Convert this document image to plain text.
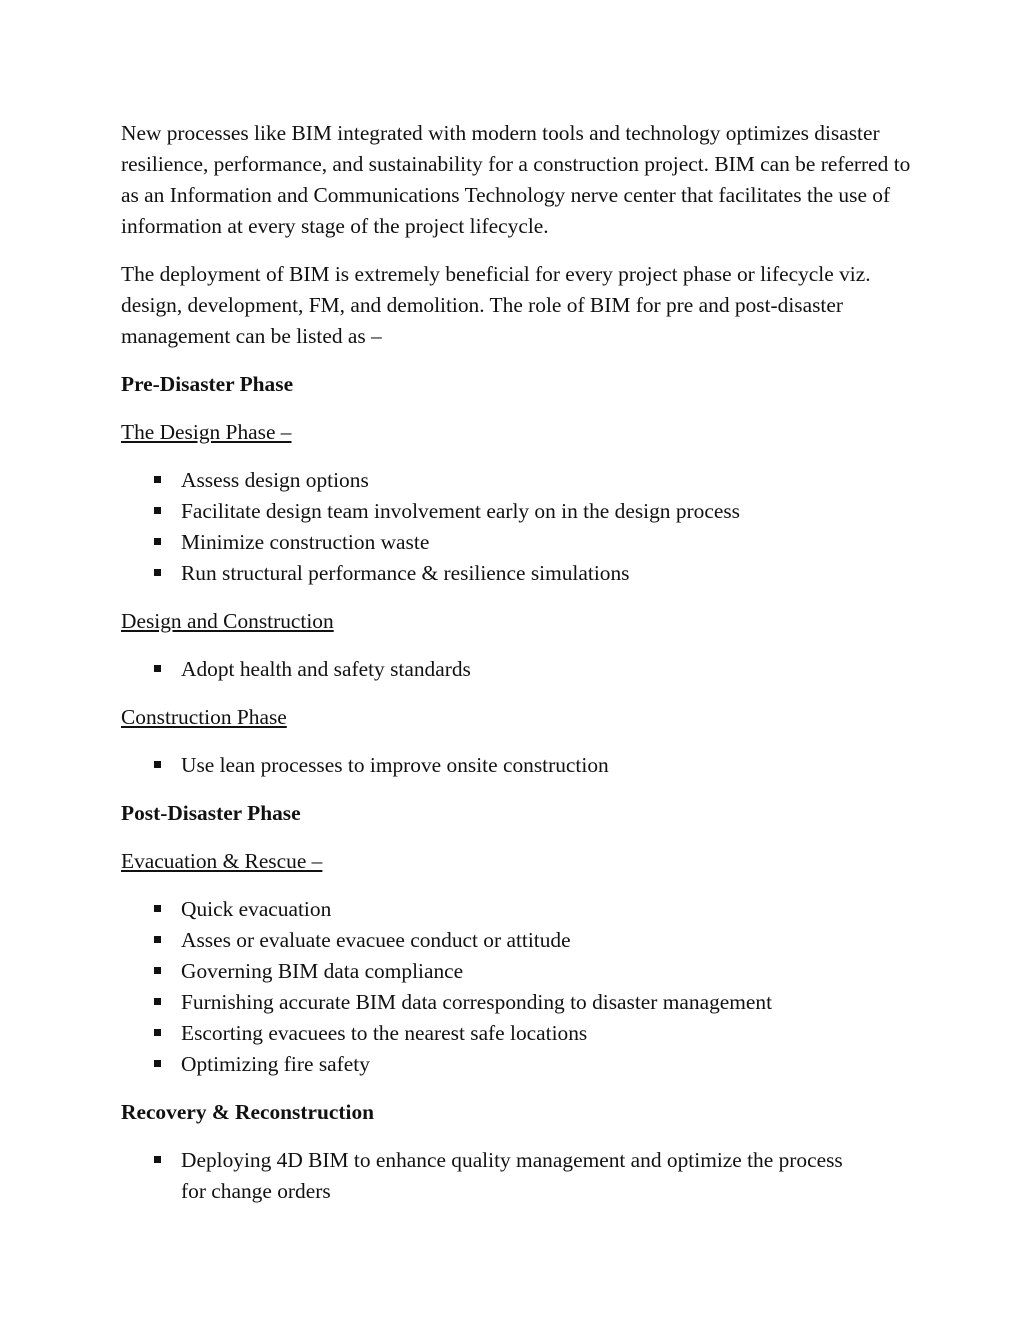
New processes like BIM integrated with modern tools and technology optimizes disaster resilience, performance, and sustainability for a construction project. BIM can be referred to as an Information and Communications Technology nerve center that facilitates the use of information at every stage of the project lifecycle.

The deployment of BIM is extremely beneficial for every project phase or lifecycle viz. design, development, FM, and demolition. The role of BIM for pre and post-disaster management can be listed as –

Pre-Disaster Phase
The Design Phase –
Assess design options
Facilitate design team involvement early on in the design process
Minimize construction waste
Run structural performance & resilience simulations
Design and Construction
Adopt health and safety standards
Construction Phase
Use lean processes to improve onsite construction
Post-Disaster Phase
Evacuation & Rescue –
Quick evacuation
Asses or evaluate evacuee conduct or attitude
Governing BIM data compliance
Furnishing accurate BIM data corresponding to disaster management
Escorting evacuees to the nearest safe locations
Optimizing fire safety
Recovery & Reconstruction
Deploying 4D BIM to enhance quality management and optimize the process for change orders
